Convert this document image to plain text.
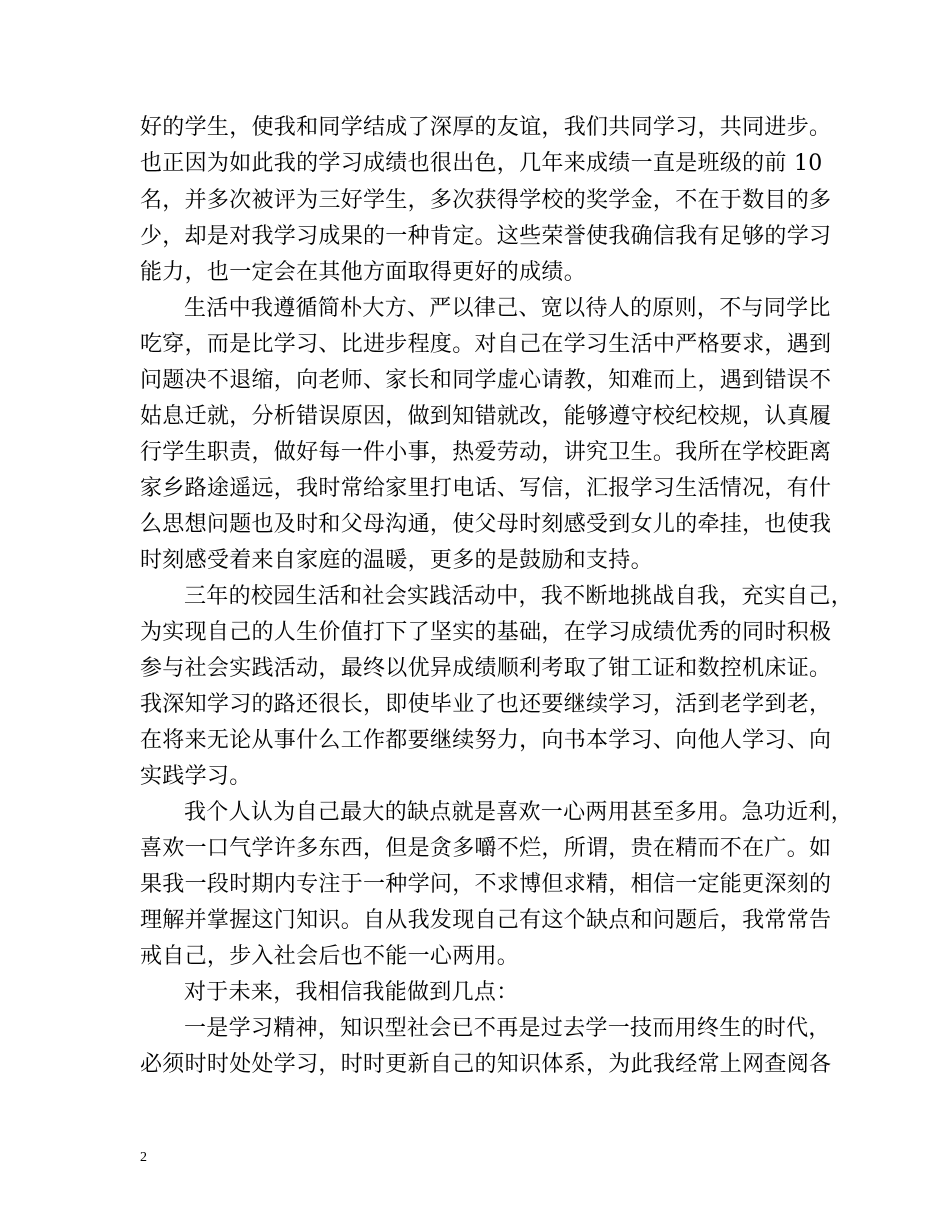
好的学生，使我和同学结成了深厚的友谊，我们共同学习，共同进步。
也正因为如此我的学习成绩也很出色，几年来成绩一直是班级的前 10
名，并多次被评为三好学生，多次获得学校的奖学金，不在于数目的多
少，却是对我学习成果的一种肯定。这些荣誉使我确信我有足够的学习
能力，也一定会在其他方面取得更好的成绩。
生活中我遵循简朴大方、严以律己、宽以待人的原则，不与同学比
吃穿，而是比学习、比进步程度。对自己在学习生活中严格要求，遇到
问题决不退缩，向老师、家长和同学虚心请教，知难而上，遇到错误不
姑息迁就，分析错误原因，做到知错就改，能够遵守校纪校规，认真履
行学生职责，做好每一件小事，热爱劳动，讲究卫生。我所在学校距离
家乡路途遥远，我时常给家里打电话、写信，汇报学习生活情况，有什
么思想问题也及时和父母沟通，使父母时刻感受到女儿的牵挂，也使我
时刻感受着来自家庭的温暖，更多的是鼓励和支持。
三年的校园生活和社会实践活动中，我不断地挑战自我，充实自己，
为实现自己的人生价值打下了坚实的基础，在学习成绩优秀的同时积极
参与社会实践活动，最终以优异成绩顺利考取了钳工证和数控机床证。
我深知学习的路还很长，即使毕业了也还要继续学习，活到老学到老，
在将来无论从事什么工作都要继续努力，向书本学习、向他人学习、向
实践学习。
我个人认为自己最大的缺点就是喜欢一心两用甚至多用。急功近利，
喜欢一口气学许多东西，但是贪多嚼不烂，所谓，贵在精而不在广。如
果我一段时期内专注于一种学问，不求博但求精，相信一定能更深刻的
理解并掌握这门知识。自从我发现自己有这个缺点和问题后，我常常告
戒自己，步入社会后也不能一心两用。
对于未来，我相信我能做到几点：
一是学习精神，知识型社会已不再是过去学一技而用终生的时代，
必须时时处处学习，时时更新自己的知识体系，为此我经常上网查阅各
2
